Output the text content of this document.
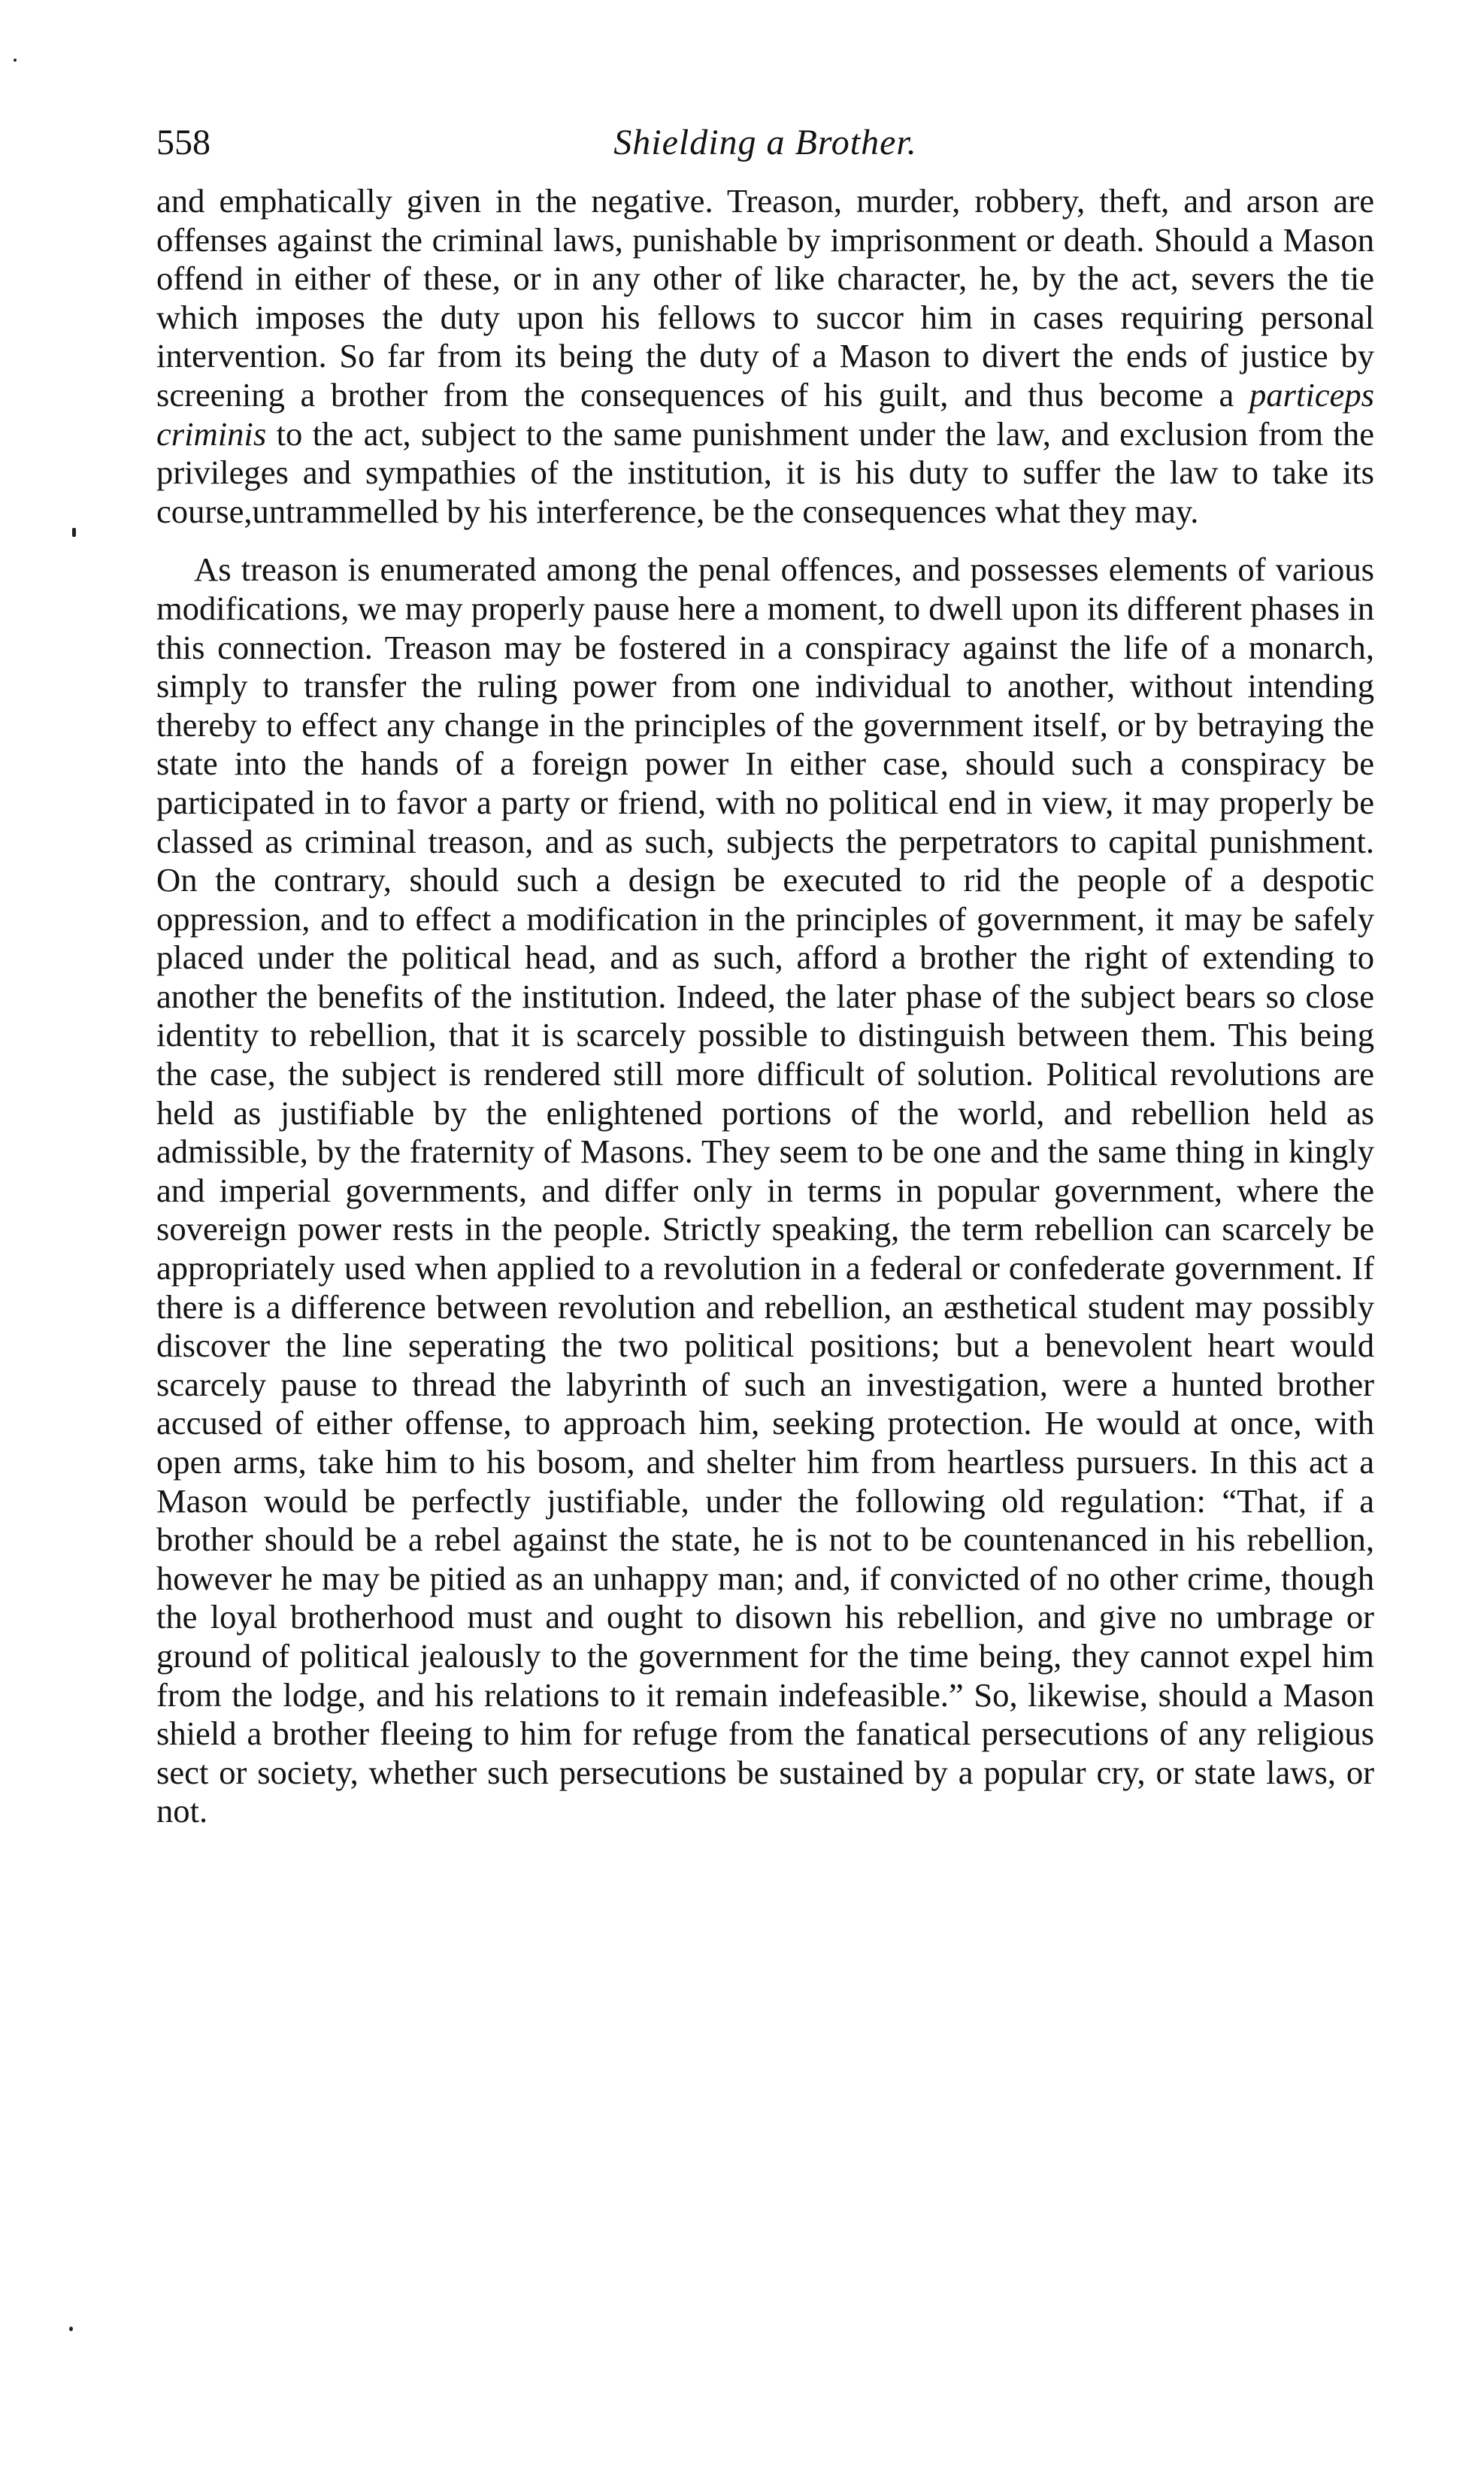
558	Shielding a Brother.

and emphatically given in the negative. Treason, murder, robbery, theft, and arson are offenses against the criminal laws, punishable by imprisonment or death. Should a Mason offend in either of these, or in any other of like character, he, by the act, severs the tie which imposes the duty upon his fellows to succor him in cases requiring personal intervention. So far from its being the duty of a Mason to divert the ends of justice by screening a brother from the consequences of his guilt, and thus become a particeps criminis to the act, subject to the same punishment under the law, and exclusion from the privileges and sympathies of the institution, it is his duty to suffer the law to take its course,untrammelled by his interference, be the consequences what they may.

As treason is enumerated among the penal offences, and possesses elements of various modifications, we may properly pause here a moment, to dwell upon its different phases in this connection. Treason may be fostered in a conspiracy against the life of a monarch, simply to transfer the ruling power from one individual to another, without intending thereby to effect any change in the principles of the government itself, or by betraying the state into the hands of a foreign power In either case, should such a conspiracy be participated in to favor a party or friend, with no political end in view, it may properly be classed as criminal treason, and as such, subjects the perpetrators to capital punishment. On the contrary, should such a design be executed to rid the people of a despotic oppression, and to effect a modification in the principles of government, it may be safely placed under the political head, and as such, afford a brother the right of extending to another the benefits of the institution. Indeed, the later phase of the subject bears so close identity to rebellion, that it is scarcely possible to distinguish between them. This being the case, the subject is rendered still more difficult of solution. Political revolutions are held as justifiable by the enlightened portions of the world, and rebellion held as admissible, by the fraternity of Masons. They seem to be one and the same thing in kingly and imperial governments, and differ only in terms in popular government, where the sovereign power rests in the people. Strictly speaking, the term rebellion can scarcely be appropriately used when applied to a revolution in a federal or confederate government. If there is a difference between revolution and rebellion, an æsthetical student may possibly discover the line seperating the two political positions; but a benevolent heart would scarcely pause to thread the labyrinth of such an investigation, were a hunted brother accused of either offense, to approach him, seeking protection. He would at once, with open arms, take him to his bosom, and shelter him from heartless pursuers. In this act a Mason would be perfectly justifiable, under the following old regulation: “That, if a brother should be a rebel against the state, he is not to be countenanced in his rebellion, however he may be pitied as an unhappy man; and, if convicted of no other crime, though the loyal brotherhood must and ought to disown his rebellion, and give no umbrage or ground of political jealously to the government for the time being, they cannot expel him from the lodge, and his relations to it remain indefeasible.” So, likewise, should a Mason shield a brother fleeing to him for refuge from the fanatical persecutions of any religious sect or society, whether such persecutions be sustained by a popular cry, or state laws, or not.
